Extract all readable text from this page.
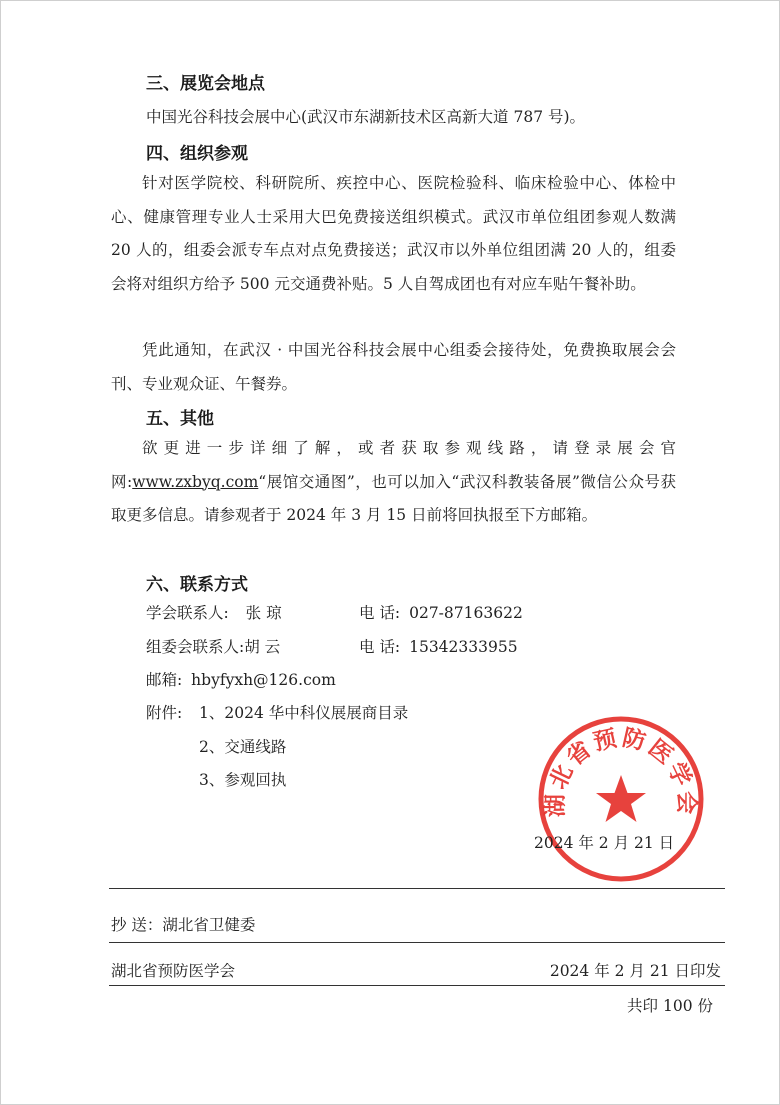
三、展览会地点
中国光谷科技会展中心(武汉市东湖新技术区高新大道 787 号)。
四、组织参观
针对医学院校、科研院所、疾控中心、医院检验科、临床检验中心、体检中心、健康管理专业人士采用大巴免费接送组织模式。武汉市单位组团参观人数满 20 人的，组委会派专车点对点免费接送；武汉市以外单位组团满 20 人的，组委会将对组织方给予 500 元交通费补贴。5 人自驾成团也有对应车贴午餐补助。
凭此通知，在武汉 · 中国光谷科技会展中心组委会接待处，免费换取展会会刊、专业观众证、午餐券。
五、其他
欲更进一步详细了解，或者获取参观线路，请登录展会官网:www.zxbyq.com“展馆交通图”，也可以加入“武汉科教装备展”微信公众号获取更多信息。请参观者于 2024 年 3 月 15 日前将回执报至下方邮箱。
六、联系方式
学会联系人: 张 琼	电 话: 027-87163622
组委会联系人:胡 云	电 话: 15342333955
邮箱: hbyfyxh@126.com
附件: 1、2024 华中科仪展展商目录
2、交通线路
3、参观回执
湖北省预防医学会
2024 年 2 月 21 日
抄 送：湖北省卫健委
湖北省预防医学会	2024 年 2 月 21 日印发
共印 100 份
